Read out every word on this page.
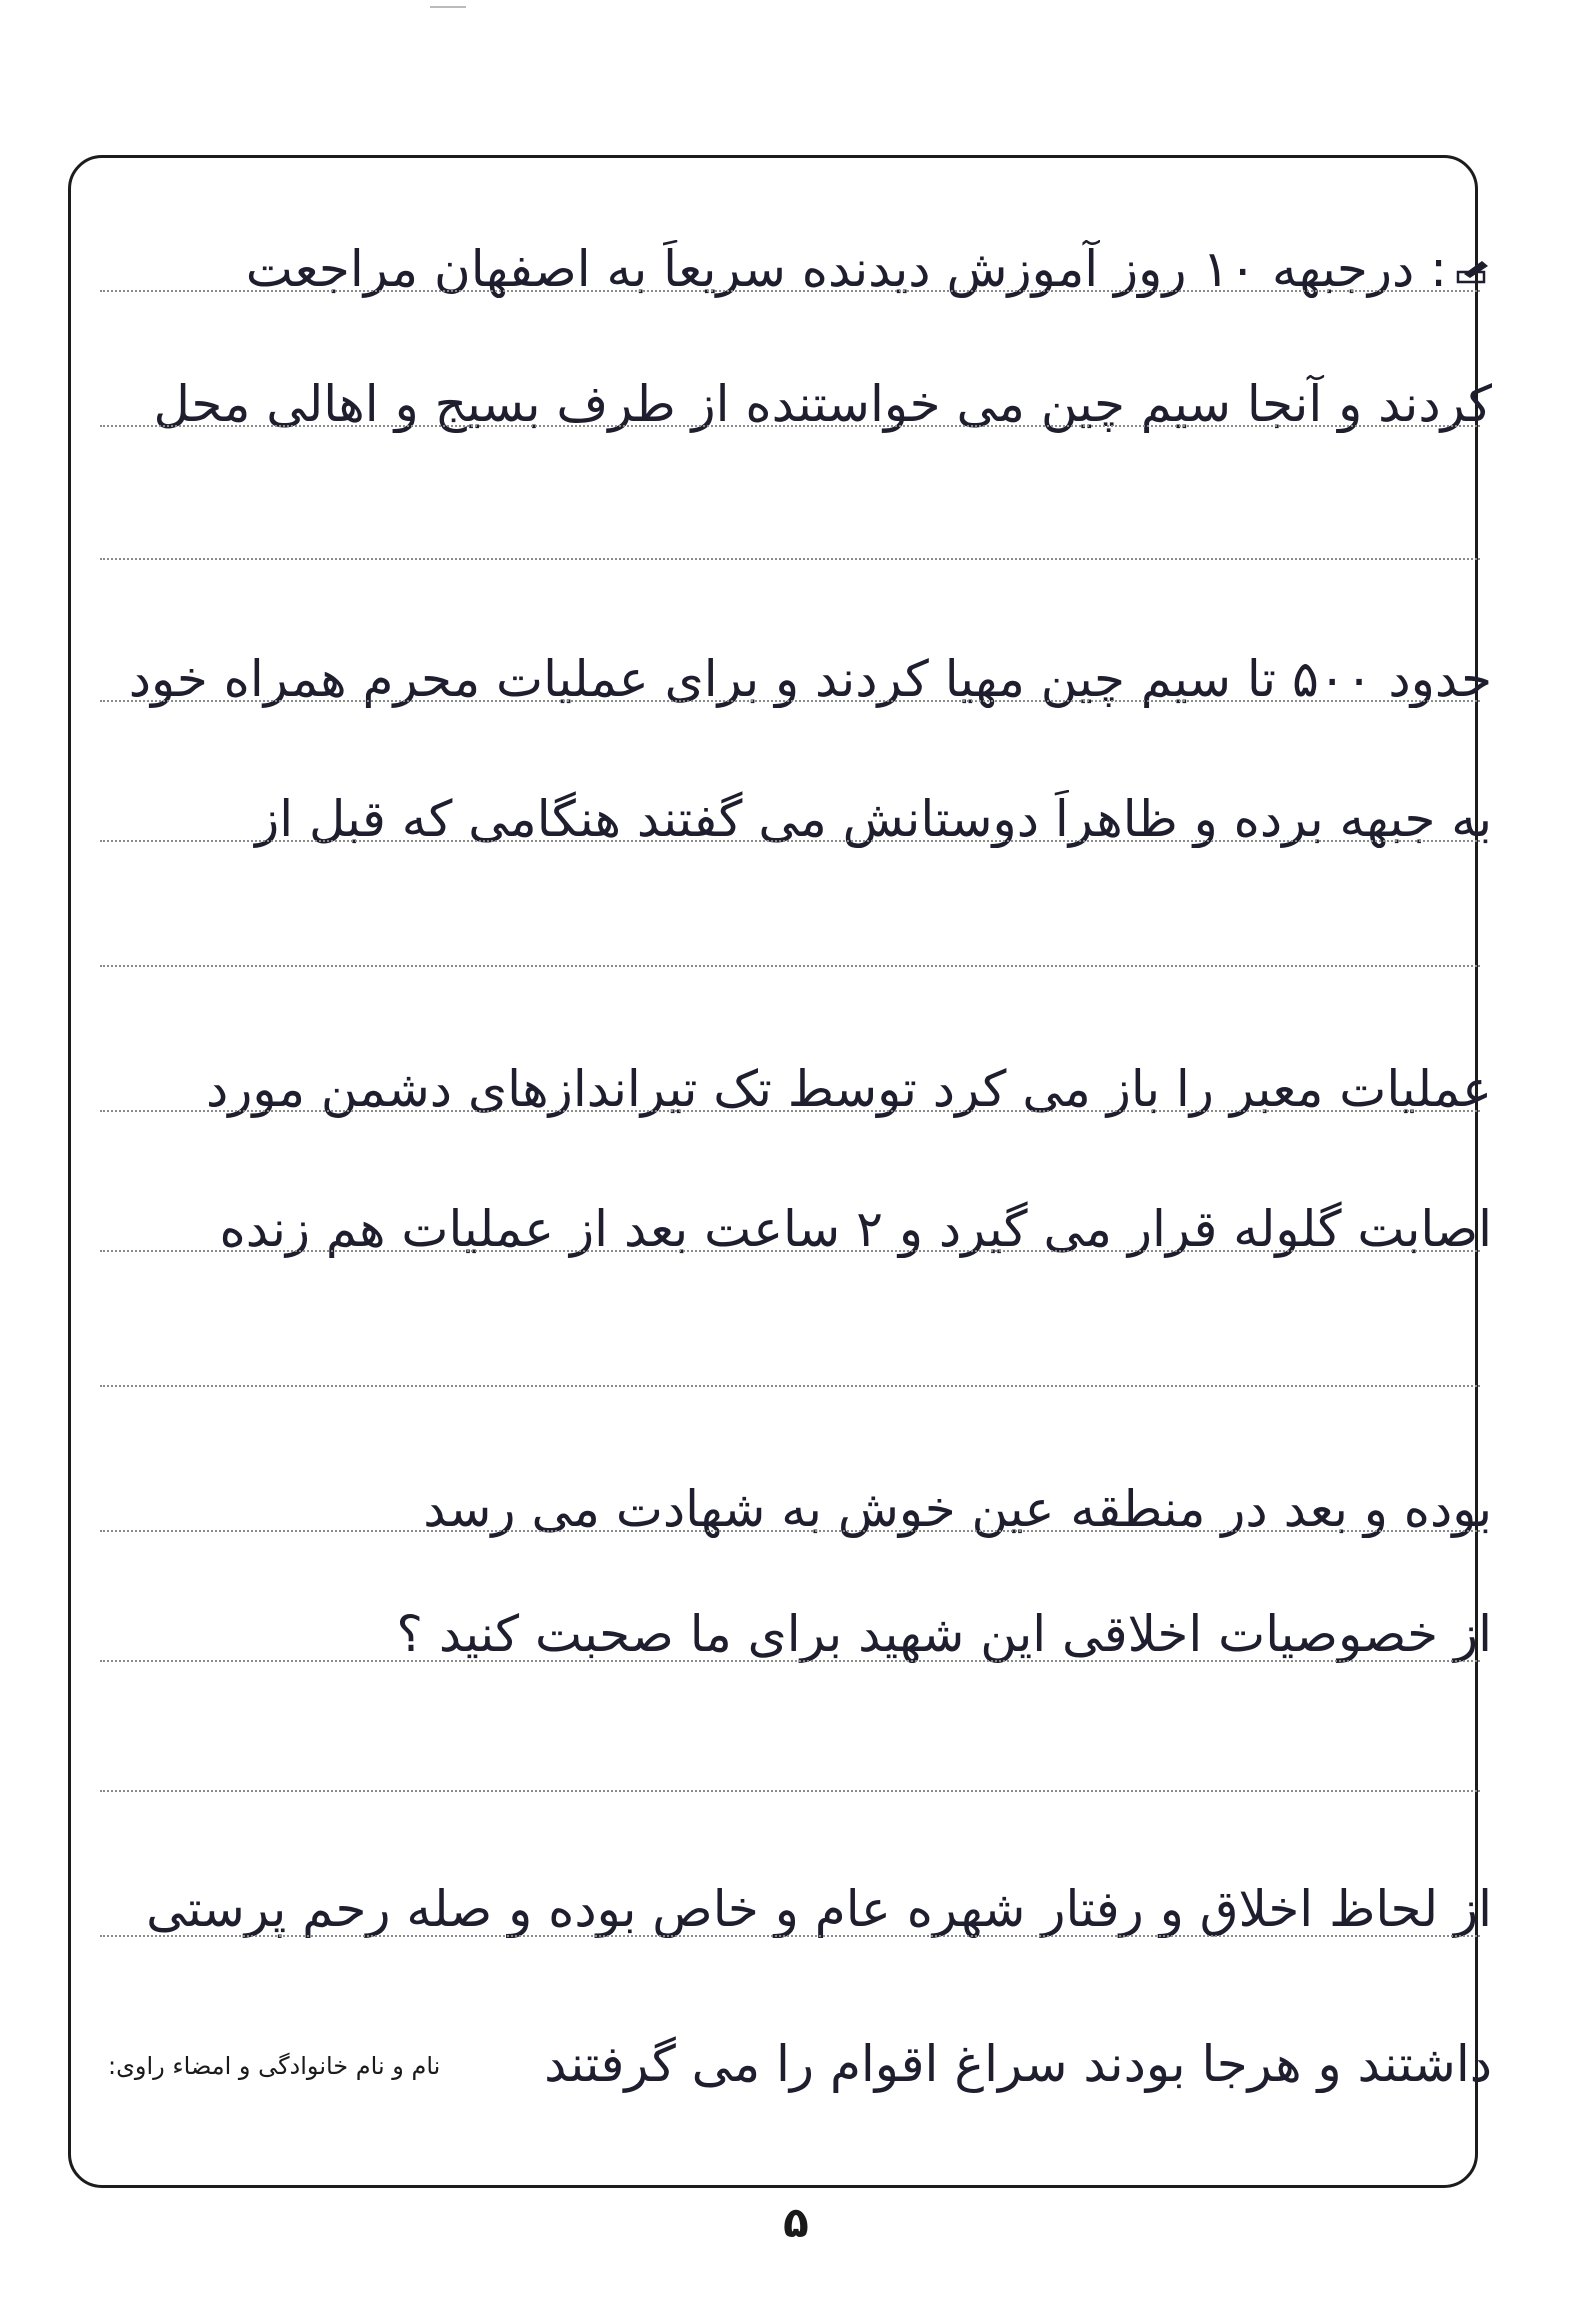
: درجبهه ۱۰ روز آموزش دیدنده سریعاً به اصفهان مراجعت
کردند و آنجا سیم چین می خواستنده از طرف بسیج و اهالی محل
حدود ۵۰۰ تا سیم چین مهیا کردند و برای عملیات محرم همراه خود
به جبهه برده و ظاهراً دوستانش می گفتند هنگامی که قبل از
عملیات معبر را باز می کرد توسط تک تیراندازهای دشمن مورد
اصابت گلوله قرار می گیرد و ۲ ساعت بعد از عملیات هم زنده
بوده و بعد در منطقه عین خوش به شهادت می رسد
از خصوصیات اخلاقی این شهید برای ما صحبت کنید ؟
از لحاظ اخلاق و رفتار شهره عام و خاص بوده و صله رحم پرستی
داشتند و هرجا بودند سراغ اقوام را می گرفتند
نام و نام خانوادگی و امضاء راوی:
۵
